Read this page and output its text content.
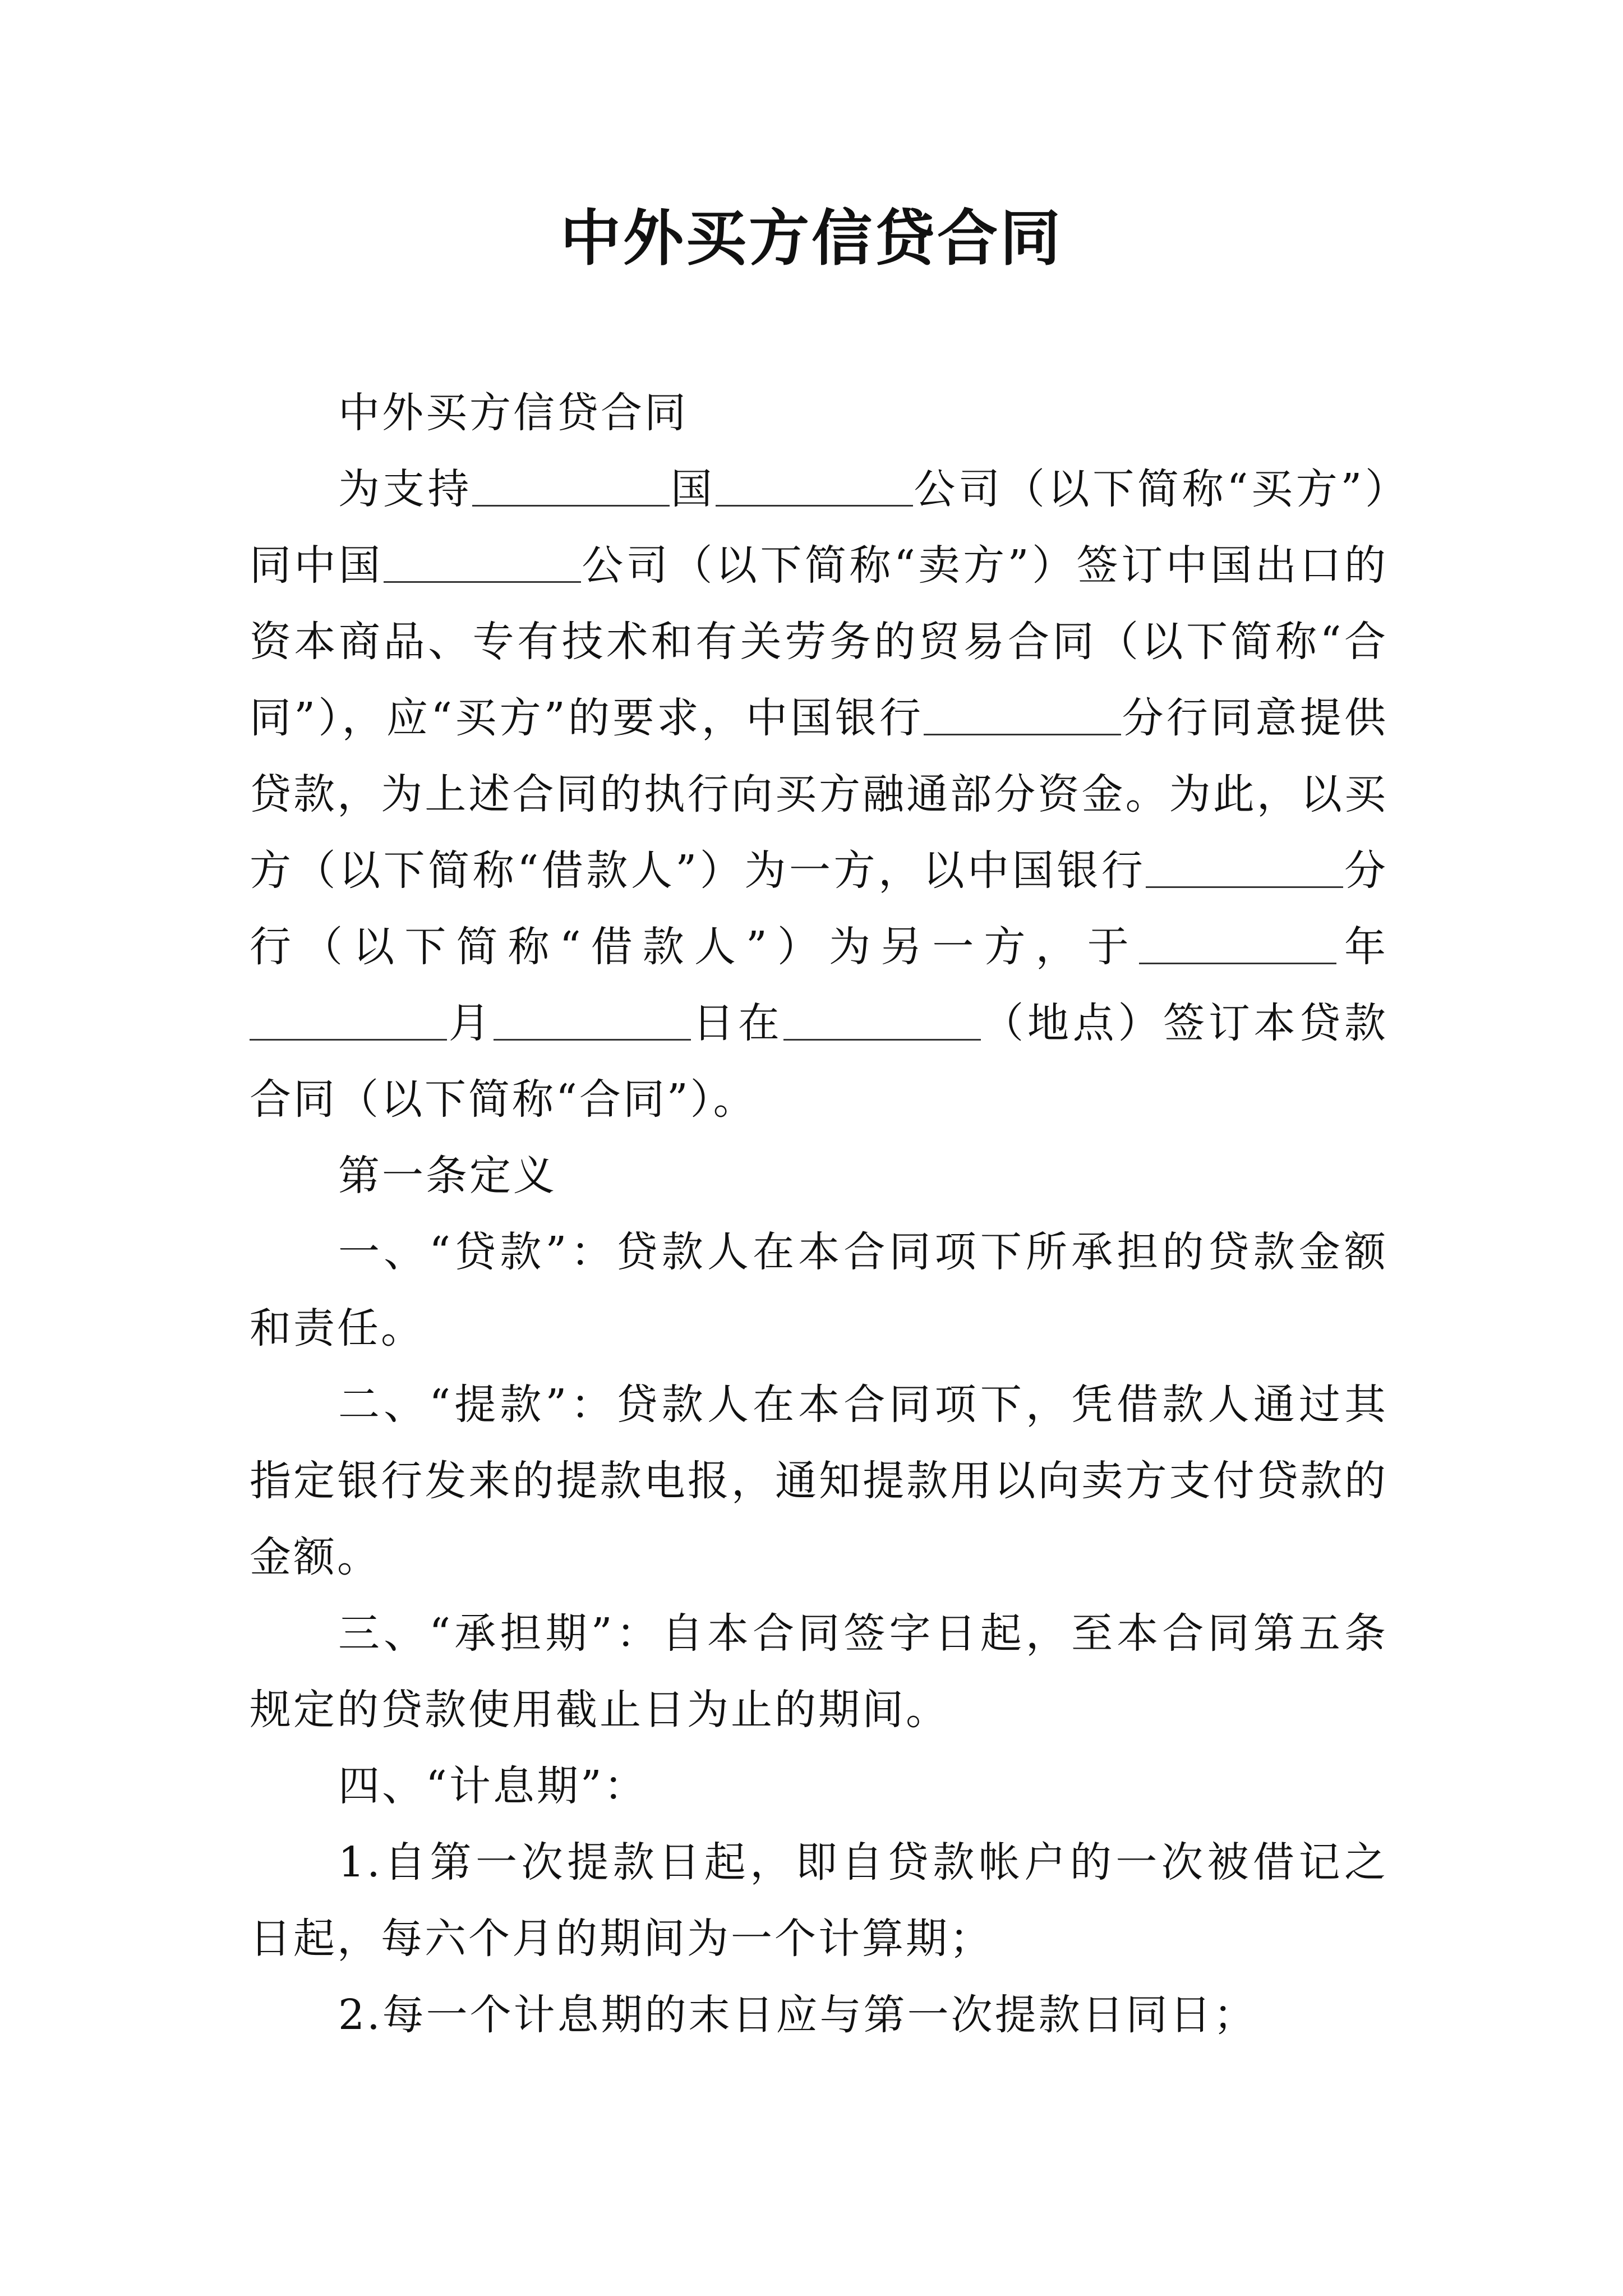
中外买方信贷合同

中外买方信贷合同

为支持	国	公司（以下简称“买方”）同中国	公司（以下简称“卖方”）签订中国出口的资本商品、专有技术和有关劳务的贸易合同（以下简称“合同”），应“买方”的要求，中国银行	分行同意提供贷款，为上述合同的执行向买方融通部分资金。为此，以买方（以下简称“借款人”）为一方，以中国银行	分行（以下简称“借款人”）为另一方，于	年月	日在	（地点）签订本贷款合同（以下简称“合同”）。

第一条定义

一、“贷款”：贷款人在本合同项下所承担的贷款金额和责任。

二、“提款”：贷款人在本合同项下，凭借款人通过其指定银行发来的提款电报，通知提款用以向卖方支付贷款的金额。

三、“承担期”：自本合同签字日起，至本合同第五条规定的贷款使用截止日为止的期间。

四、“计息期”：

1.自第一次提款日起，即自贷款帐户的一次被借记之日起，每六个月的期间为一个计算期；

2.每一个计息期的末日应与第一次提款日同日；
